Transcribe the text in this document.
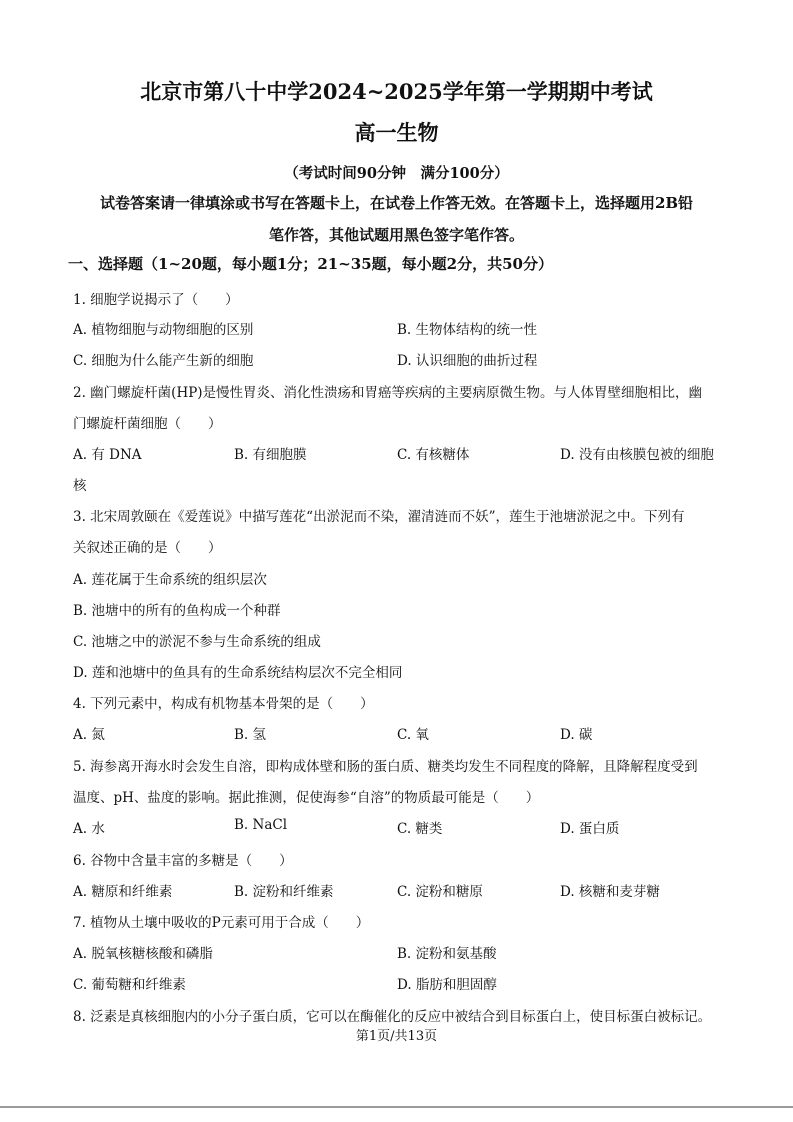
北京市第八十中学2024~2025学年第一学期期中考试
高一生物
（考试时间90分钟　满分100分）
试卷答案请一律填涂或书写在答题卡上，在试卷上作答无效。在答题卡上，选择题用2B铅
笔作答，其他试题用黑色签字笔作答。
一、选择题（1~20题，每小题1分；21~35题，每小题2分，共50分）
1. 细胞学说揭示了（　　）
A. 植物细胞与动物细胞的区别	B. 生物体结构的统一性
C. 细胞为什么能产生新的细胞	D. 认识细胞的曲折过程
2. 幽门螺旋杆菌(HP)是慢性胃炎、消化性溃疡和胃癌等疾病的主要病原微生物。与人体胃壁细胞相比，幽
门螺旋杆菌细胞（　　）
A. 有 DNA	B. 有细胞膜	C. 有核糖体	D. 没有由核膜包被的细胞
核
3. 北宋周敦颐在《爱莲说》中描写莲花“出淤泥而不染，濯清涟而不妖”，莲生于池塘淤泥之中。下列有
关叙述正确的是（　　）
A. 莲花属于生命系统的组织层次
B. 池塘中的所有的鱼构成一个种群
C. 池塘之中的淤泥不参与生命系统的组成
D. 莲和池塘中的鱼具有的生命系统结构层次不完全相同
4. 下列元素中，构成有机物基本骨架的是（　　）
A. 氮	B. 氢	C. 氧	D. 碳
5. 海参离开海水时会发生自溶，即构成体壁和肠的蛋白质、糖类均发生不同程度的降解，且降解程度受到
温度、pH、盐度的影响。据此推测，促使海参“自溶”的物质最可能是（　　）
A. 水	B. NaCl	C. 糖类	D. 蛋白质
6. 谷物中含量丰富的多糖是（　　）
A. 糖原和纤维素	B. 淀粉和纤维素	C. 淀粉和糖原	D. 核糖和麦芽糖
7. 植物从土壤中吸收的P元素可用于合成（　　）
A. 脱氧核糖核酸和磷脂	B. 淀粉和氨基酸
C. 葡萄糖和纤维素	D. 脂肪和胆固醇
8. 泛素是真核细胞内的小分子蛋白质，它可以在酶催化的反应中被结合到目标蛋白上，使目标蛋白被标记。
第1页/共13页
